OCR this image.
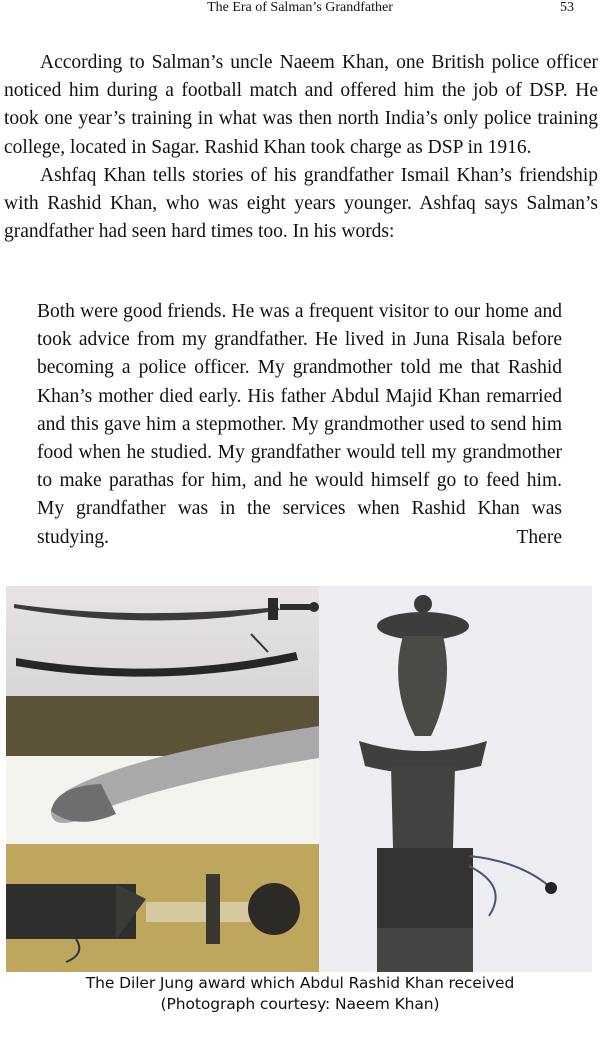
The Era of Salman’s Grandfather	53

According to Salman’s uncle Naeem Khan, one British police officer noticed him during a football match and offered him the job of DSP. He took one year’s training in what was then north India’s only police training college, located in Sagar. Rashid Khan took charge as DSP in 1916.

Ashfaq Khan tells stories of his grandfather Ismail Khan’s friendship with Rashid Khan, who was eight years younger. Ashfaq says Salman’s grandfather had seen hard times too. In his words:

Both were good friends. He was a frequent visitor to our home and took advice from my grandfather. He lived in Juna Risala before becoming a police officer. My grandmother told me that Rashid Khan’s mother died early. His father Abdul Majid Khan remarried and this gave him a stepmother. My grandmother used to send him food when he studied. My grandfather would tell my grandmother to make parathas for him, and he would himself go to feed him. My grandfather was in the services when Rashid Khan was studying. There
The Diler Jung award which Abdul Rashid Khan received
(Photograph courtesy: Naeem Khan)
